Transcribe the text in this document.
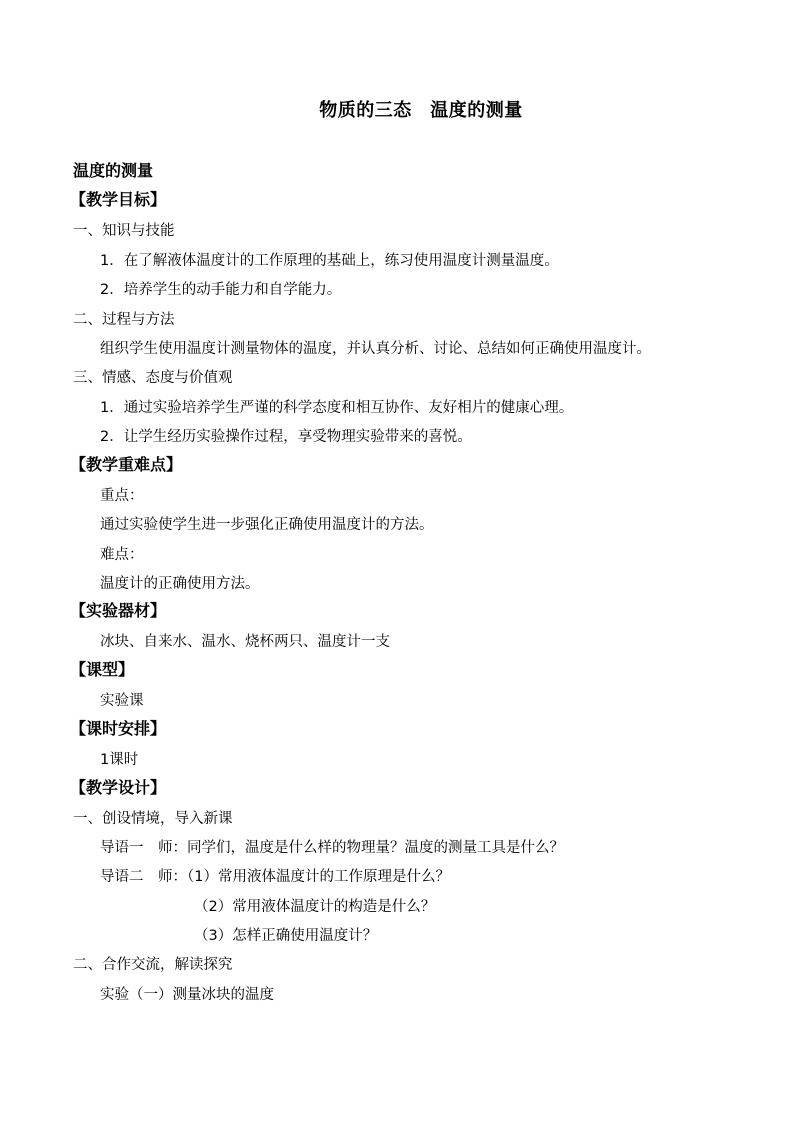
物质的三态　温度的测量
温度的测量
【教学目标】
一、知识与技能
1．在了解液体温度计的工作原理的基础上，练习使用温度计测量温度。
2．培养学生的动手能力和自学能力。
二、过程与方法
组织学生使用温度计测量物体的温度，并认真分析、讨论、总结如何正确使用温度计。
三、情感、态度与价值观
1．通过实验培养学生严谨的科学态度和相互协作、友好相片的健康心理。
2．让学生经历实验操作过程，享受物理实验带来的喜悦。
【教学重难点】
重点：
通过实验使学生进一步强化正确使用温度计的方法。
难点：
温度计的正确使用方法。
【实验器材】
冰块、自来水、温水、烧杯两只、温度计一支
【课型】
实验课
【课时安排】
1课时
【教学设计】
一、创设情境，导入新课
导语一　师：同学们，温度是什么样的物理量？温度的测量工具是什么？
导语二　师：（1）常用液体温度计的工作原理是什么？
（2）常用液体温度计的构造是什么？
（3）怎样正确使用温度计？
二、合作交流，解读探究
实验（一）测量冰块的温度
